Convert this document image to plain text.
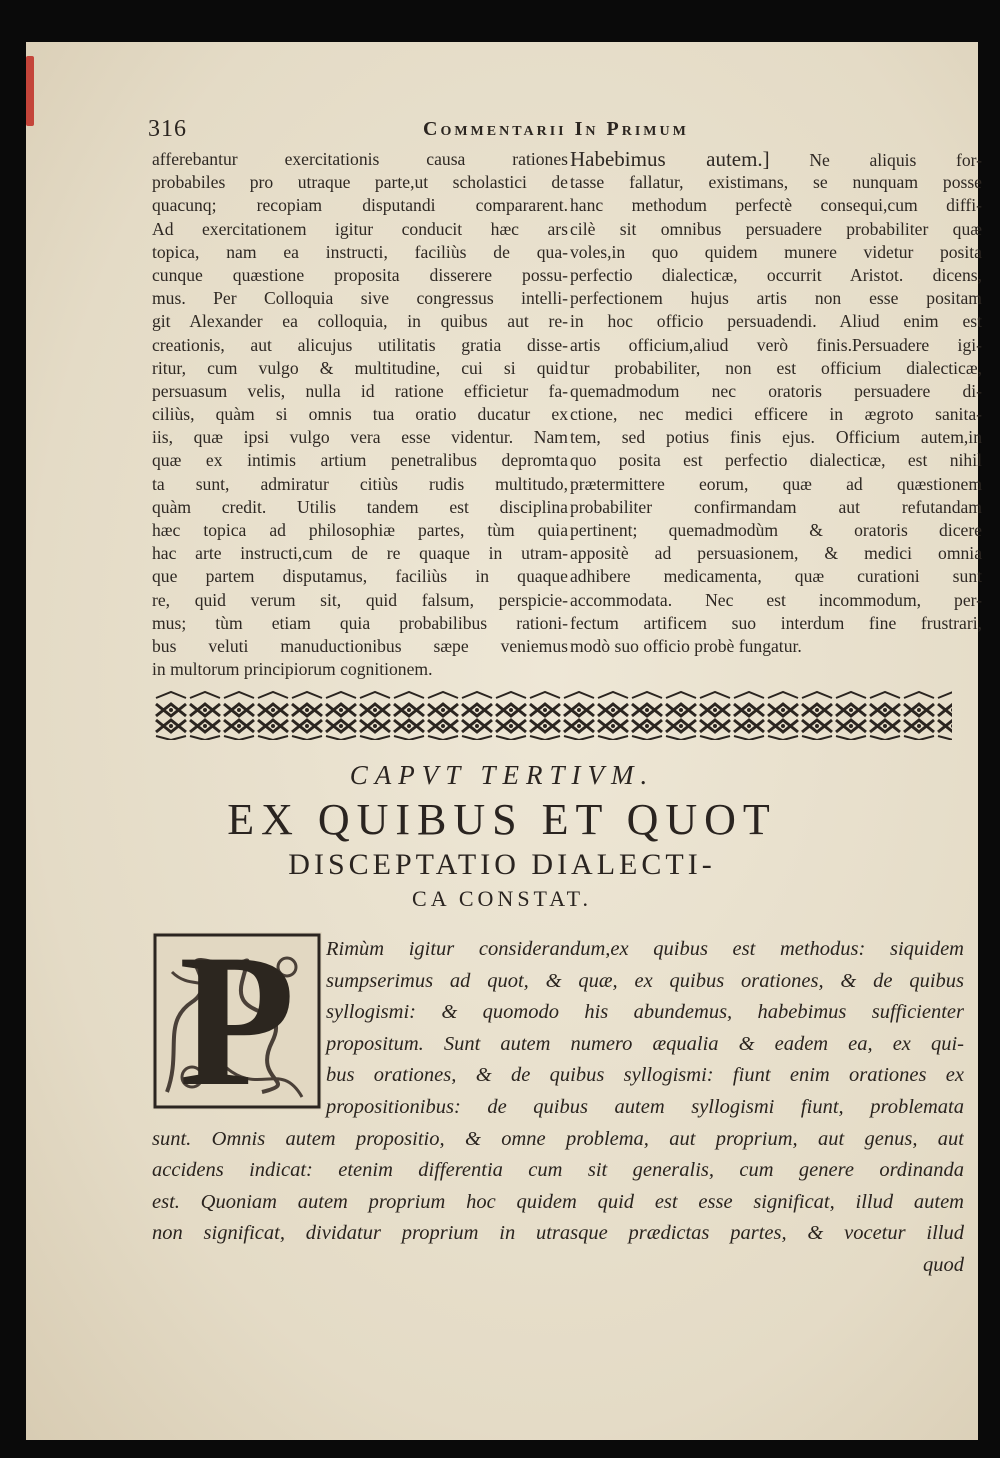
316	Commentarii In Primum
afferebantur exercitationis causa rationes
probabiles pro utraque parte,ut scholastici de
quacunq; recopiam disputandi compararent.
Ad exercitationem igitur conducit hæc ars
topica, nam ea instructi, faciliùs de qua-
cunque quæstione proposita disserere possu-
mus. Per Colloquia sive congressus intelli-
git Alexander ea colloquia, in quibus aut re-
creationis, aut alicujus utilitatis gratia disse-
ritur, cum vulgo & multitudine, cui si quid
persuasum velis, nulla id ratione efficietur fa-
ciliùs, quàm si omnis tua oratio ducatur ex
iis, quæ ipsi vulgo vera esse videntur. Nam
quæ ex intimis artium penetralibus depromta
ta sunt, admiratur citiùs rudis multitudo,
quàm credit. Utilis tandem est disciplina
hæc topica ad philosophiæ partes, tùm quia
hac arte instructi,cum de re quaque in utram-
que partem disputamus, faciliùs in quaque
re, quid verum sit, quid falsum, perspicie-
mus; tùm etiam quia probabilibus rationi-
bus veluti manuductionibus sæpe veniemus
in multorum principiorum cognitionem.
Habebimus autem.] Ne aliquis for-
tasse fallatur, existimans, se nunquam posse
hanc methodum perfectè consequi,cum diffi-
cilè sit omnibus persuadere probabiliter quæ
voles,in quo quidem munere videtur posita
perfectio dialecticæ, occurrit Aristot. dicens,
perfectionem hujus artis non esse positam
in hoc officio persuadendi. Aliud enim est
artis officium,aliud verò finis.Persuadere igi-
tur probabiliter, non est officium dialecticæ,
quemadmodum nec oratoris persuadere di-
ctione, nec medici efficere in ægroto sanita-
tem, sed potius finis ejus. Officium autem,in
quo posita est perfectio dialecticæ, est nihil
prætermittere eorum, quæ ad quæstionem
probabiliter confirmandam aut refutandam
pertinent; quemadmodùm & oratoris dicere
appositè ad persuasionem, & medici omnia
adhibere medicamenta, quæ curationi sunt
accommodata. Nec est incommodum, per-
fectum artificem suo interdum fine frustrari,
modò suo officio probè fungatur.
CAPVT TERTIVM.
EX QUIBUS ET QUOT
DISCEPTATIO DIALECTI-
CA CONSTAT.
P	Rimùm igitur considerandum,ex quibus est methodus: siquidem
sumpserimus ad quot, & quæ, ex quibus orationes, & de quibus
syllogismi: & quomodo his abundemus, habebimus sufficienter
propositum. Sunt autem numero æqualia & eadem ea, ex qui-
bus orationes, & de quibus syllogismi: fiunt enim orationes ex
propositionibus: de quibus autem syllogismi fiunt, problemata
sunt. Omnis autem propositio, & omne problema, aut proprium, aut genus, aut
accidens indicat: etenim differentia cum sit generalis, cum genere ordinanda
est. Quoniam autem proprium hoc quidem quid est esse significat, illud autem
non significat, dividatur proprium in utrasque prædictas partes, & vocetur illud
quod
